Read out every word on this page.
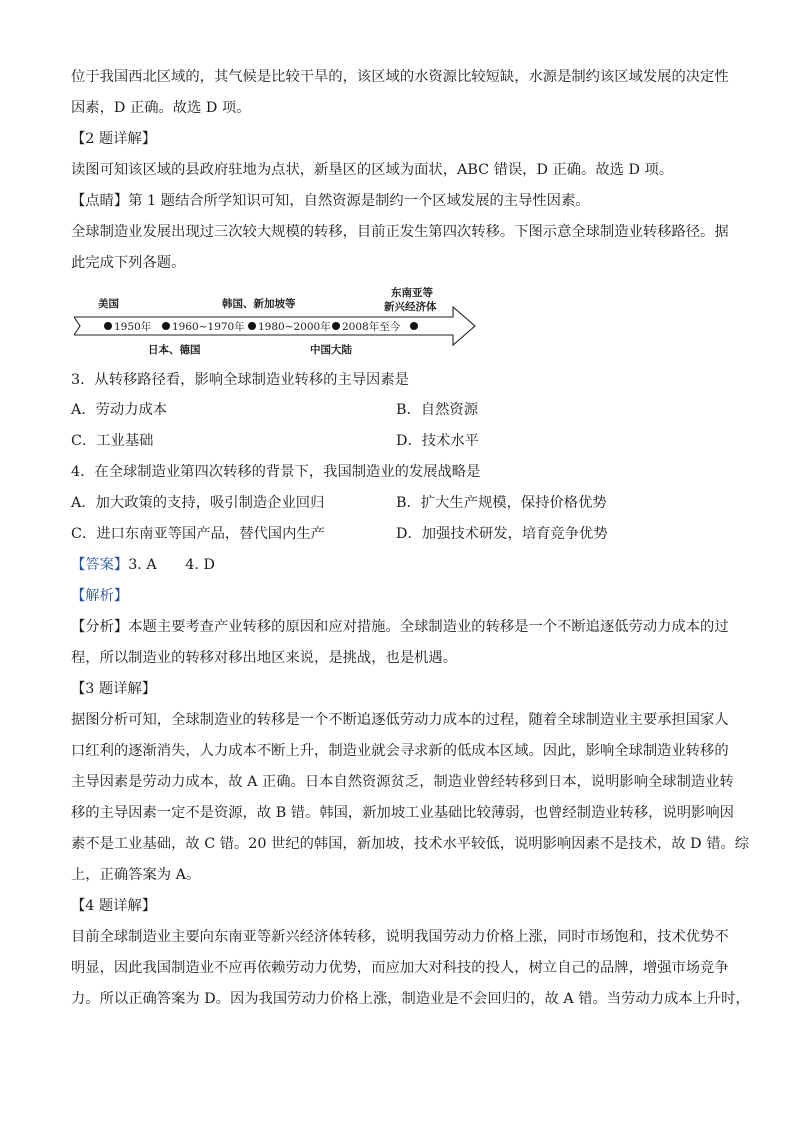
位于我国西北区域的，其气候是比较干旱的，该区域的水资源比较短缺，水源是制约该区域发展的决定性
因素，D 正确。故选 D 项。
【2 题详解】
读图可知该区域的县政府驻地为点状，新垦区的区域为面状，ABC 错误，D 正确。故选 D 项。
【点睛】第 1 题结合所学知识可知，自然资源是制约一个区域发展的主导性因素。
全球制造业发展出现过三次较大规模的转移，目前正发生第四次转移。下图示意全球制造业转移路径。据
此完成下列各题。
美国	韩国、新加坡等
东南亚等
新兴经济体
1950年 1960~1970年 1980~2000年 2008年至今
日本、德国	中国大陆
3．从转移路径看，影响全球制造业转移的主导因素是
A．劳动力成本	B．自然资源
C．工业基础	D．技术水平
4．在全球制造业第四次转移的背景下，我国制造业的发展战略是
A．加大政策的支持，吸引制造企业回归	B．扩大生产规模，保持价格优势
C．进口东南亚等国产品，替代国内生产	D．加强技术研发，培育竞争优势
【答案】3. A　　4. D
【解析】
【分析】本题主要考查产业转移的原因和应对措施。全球制造业的转移是一个不断追逐低劳动力成本的过
程，所以制造业的转移对移出地区来说，是挑战，也是机遇。
【3 题详解】
据图分析可知，全球制造业的转移是一个不断追逐低劳动力成本的过程，随着全球制造业主要承担国家人
口红利的逐渐消失，人力成本不断上升，制造业就会寻求新的低成本区域。因此，影响全球制造业转移的
主导因素是劳动力成本，故 A 正确。日本自然资源贫乏，制造业曾经转移到日本，说明影响全球制造业转
移的主导因素一定不是资源，故 B 错。韩国，新加坡工业基础比较薄弱，也曾经制造业转移，说明影响因
素不是工业基础，故 C 错。20 世纪的韩国，新加坡，技术水平较低，说明影响因素不是技术，故 D 错。综
上，正确答案为 A。
【4 题详解】
目前全球制造业主要向东南亚等新兴经济体转移，说明我国劳动力价格上涨，同时市场饱和，技术优势不
明显，因此我国制造业不应再依赖劳动力优势，而应加大对科技的投人，树立自己的品牌，增强市场竞争
力。所以正确答案为 D。因为我国劳动力价格上涨，制造业是不会回归的，故 A 错。当劳动力成本上升时，
